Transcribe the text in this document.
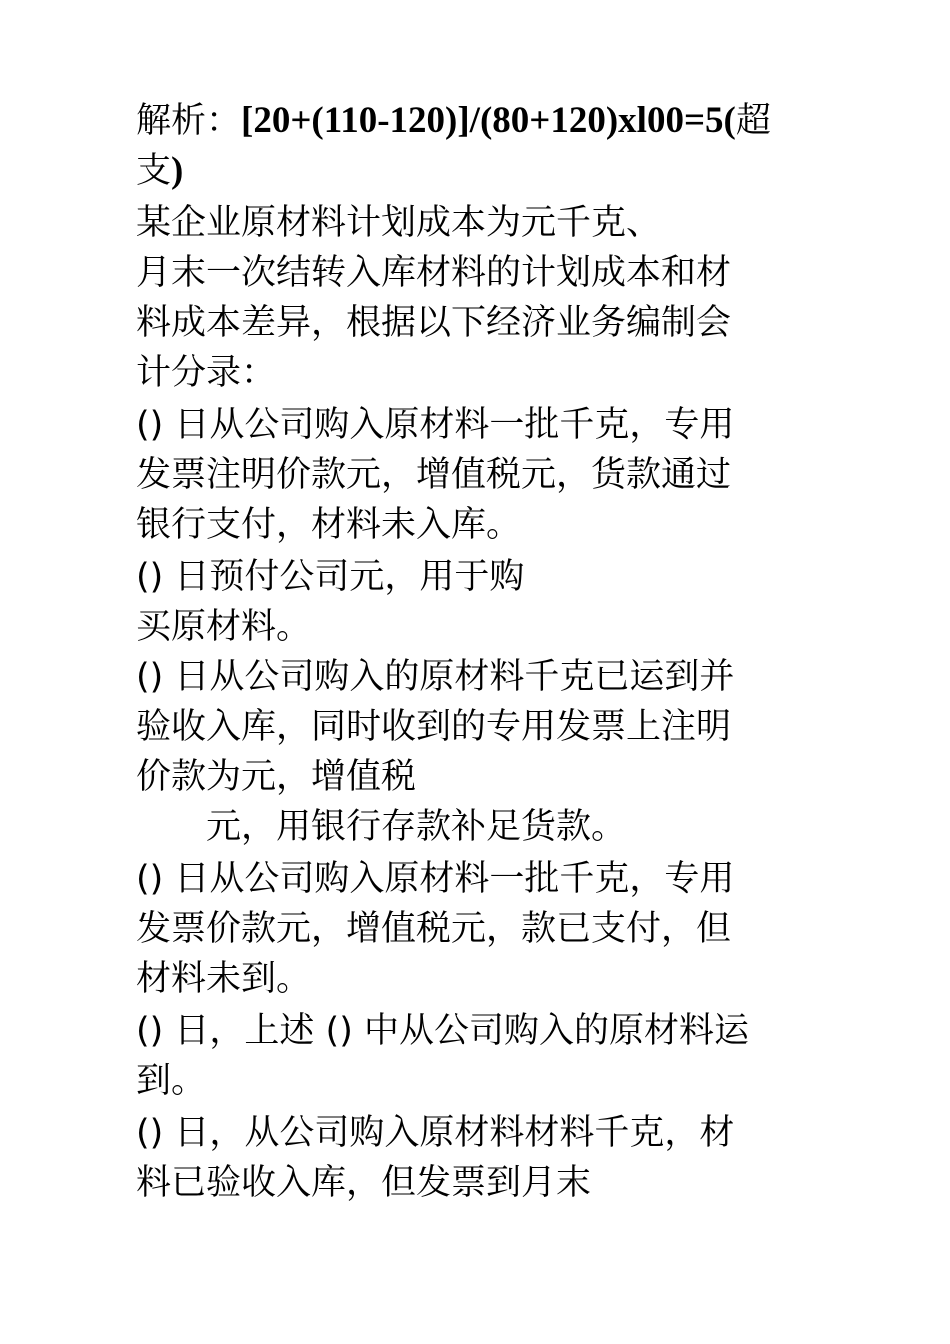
解析：[20+(110-120)]/(80+120)xl00=5(超
支)
某企业原材料计划成本为元千克、
月末一次结转入库材料的计划成本和材
料成本差异，根据以下经济业务编制会
计分录：
() 日从公司购入原材料一批千克，专用
发票注明价款元，增值税元，货款通过
银行支付，材料未入库。
() 日预付公司元，用于购
买原材料。
() 日从公司购入的原材料千克已运到并
验收入库，同时收到的专用发票上注明
价款为元，增值税
元，用银行存款补足货款。
() 日从公司购入原材料一批千克，专用
发票价款元，增值税元，款已支付，但
材料未到。
() 日，上述 () 中从公司购入的原材料运
到。
() 日，从公司购入原材料材料千克，材
料已验收入库，但发票到月末
